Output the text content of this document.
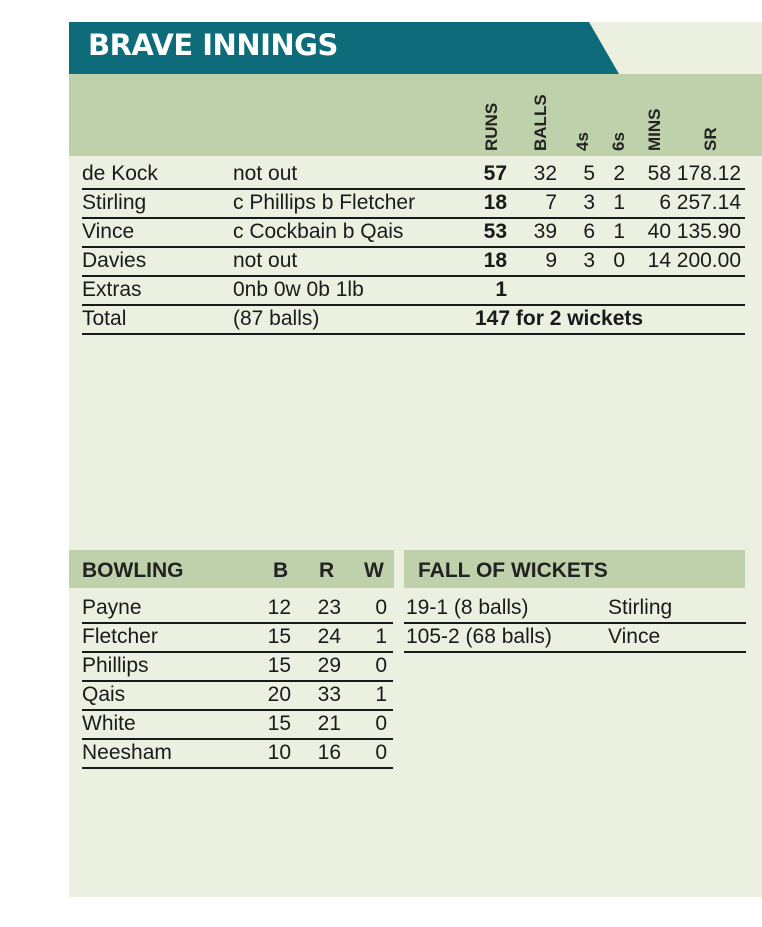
BRAVE INNINGS
RUNS BALLS 4s 6s MINS SR
de Kock	not out	57 32 5 2 58 178.12
Stirling	c Phillips b Fletcher	18 7 3 1 6 257.14
Vince	c Cockbain b Qais	53 39 6 1 40 135.90
Davies	not out	18 9 3 0 14 200.00
Extras	0nb 0w 0b 1lb	1
Total	(87 balls)	147 for 2 wickets
BOWLING	B R W
Payne	12 23 0
Fletcher	15 24 1
Phillips	15 29 0
Qais	20 33 1
White	15 21 0
Neesham	10 16 0
FALL OF WICKETS
19-1 (8 balls)	Stirling
105-2 (68 balls)	Vince
